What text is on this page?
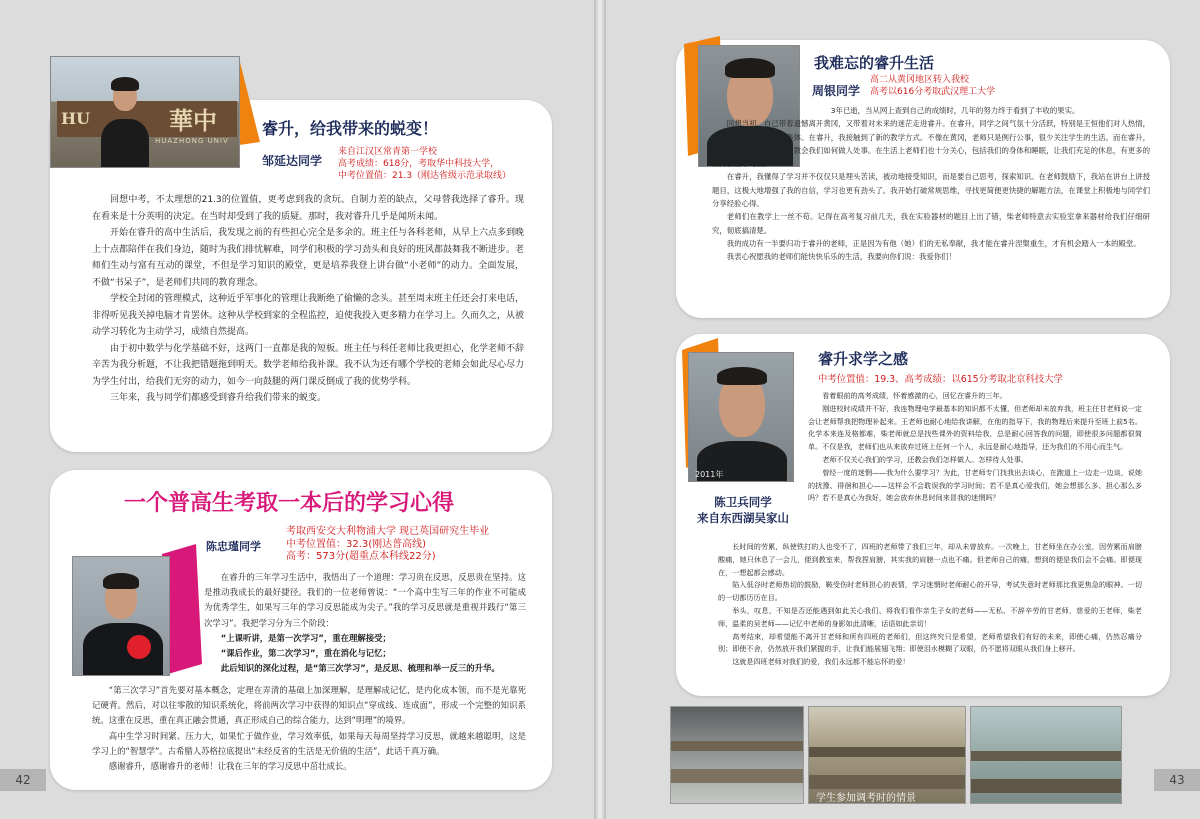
華中
HUAZHONG UNIV
HU
睿升，给我带来的蜕变！
邹延达同学
来自江汉区常青第一学校
高考成绩：618分，考取华中科技大学，
中考位置值：21.3（刚达省级示范录取线）

回想中考，不太理想的21.3的位置值，更考虑到我的贪玩、自制力差的缺点，父母替我选择了睿升。现在看来是十分英明的决定。在当时却受到了我的质疑。那时，我对睿升几乎是闻所未闻。

开始在睿升的高中生活后，我发现之前的有些担心完全是多余的。班主任与各科老师，从早上六点多到晚上十点都陪伴在我们身边，随时为我们排忧解难，同学们积极的学习劲头和良好的班风都鼓舞我不断进步。老师们生动与富有互动的课堂，不但是学习知识的殿堂，更是培养我登上讲台做“小老师”的动力。全面发展，不做“书呆子”，是老师们共同的教育理念。

学校全封闭的管理模式，这种近乎军事化的管理让我断绝了偷懒的念头。甚至周末班主任还会打来电话，非得听见我关掉电脑才肯罢休。这种从学校到家的全程监控，迫使我投入更多精力在学习上。久而久之，从被动学习转化为主动学习，成绩自然提高。

由于初中数学与化学基础不好，这两门一直都是我的短板。班主任与科任老师比我更担心，化学老师不辞辛苦为我分析题，不让我把错题拖到明天。数学老师给我补课。我不认为还有哪个学校的老师会如此尽心尽力为学生付出，给我们无穷的动力，如今一向鼓腿的两门课反倒成了我的优势学科。

三年来，我与同学们都感受到睿升给我们带来的蜕变。

一个普高生考取一本后的学习心得
陈忠瑾同学
考取西安交大利物浦大学 现已英国研究生毕业
中考位置值：32.3(刚达普高线)
高考：573分(超重点本科线22分)

在睿升的三年学习生活中，我悟出了一个道理：学习贵在反思，反思贵在坚持。这是推动我成长的最好捷径。我们的一位老师曾说：“一个高中生写三年的作业不可能成为优秀学生，如果写三年的学习反思能成为尖子。”我的学习反思就是重视并践行“第三次学习”。我把学习分为三个阶段：

“上课听讲，是第一次学习”，重在理解接受；

“课后作业，第二次学习”，重在消化与记忆；

此后知识的深化过程，是“第三次学习”，是反思、梳理和举一反三的升华。

“第三次学习”首先要对基本概念，定理在弄清的基础上加深理解，是理解成记忆，是内化成本领，而不是光靠死记硬背。然后，对以往零散的知识系统化，将前两次学习中获得的知识点“穿成线、连成面”，形成一个完整的知识系统。这重在反思，重在真正融会贯通，真正形成自己的综合能力，达到“明理”的境界。

高中生学习时间紧、压力大，如果忙于做作业，学习效率低，如果每天每周坚持学习反思，就越来越聪明，这是学习上的“智慧学”。古希腊人苏格拉底提出“未经反省的生活是无价值的生活”，此话千真万确。

感谢睿升，感谢睿升的老师！让我在三年的学习反思中茁壮成长。

42
我难忘的睿升生活
周银同学
高二从黄冈地区转入我校
高考以616分考取武汉理工大学

3年已逝，当从网上查到自己的成绩时，几年的努力终于看到了丰收的果实。

回想当初，自己带着遗憾离开黄冈，又带着对未来的迷茫走进睿升。在睿升，同学之间气氛十分活跃，特别是王恒他们对人热情，一下子就让我融入了新集体。在睿升，我接触到了新的教学方式。不像在黄冈，老师只是例行公事，很少关注学生的生活。而在睿升，老师们不仅传授知识，还教会我们如何做人处事。在生活上老师们也十分关心，包括我们的身体和睡眠，让我们充足的休息，有更多的精力放在学习上。

在睿升，我懂得了学习并不仅仅只是埋头苦读，被动地接受知识，而是要自己思考，探索知识。在老师鼓励下，我站在讲台上讲授题目，这极大地增强了我的自信，学习也更有劲头了。我开始打破常规思维，寻找更简便更快捷的解题方法，在课堂上积极地与同学们分享经验心得。

老师们在教学上一丝不苟。记得在高考复习前几天，我在实验器材的题目上出了错，柴老师特意去实验室拿来器材给我们仔细研究，彻底搞清楚。

我的成功有一半要归功于睿升的老师，正是因为有他（她）们的无私奉献，我才能在睿升涅槃重生，才有机会踏入一本的殿堂。

我衷心祝愿我的老师们能快快乐乐的生活，我要向你们说：我爱你们！

2011年
陈卫兵同学
来自东西湖吴家山
睿升求学之感
中考位置值：19.3、高考成绩：以615分考取北京科技大学

看着眼前的高考成绩，怀着感激的心，回忆在睿升的三年。

刚进校时成绩并不好，我连物理电学最基本的知识都不太懂，但老师却未放弃我，班主任甘老师说一定会让老师帮我把物理补起来。王老师也耐心地给我讲解，在他的指导下，我的物理后来提升至班上前5名。化学本来连及格都难，柴老师就总是找些课外的资料给我，总是耐心回答我的问题，即使很多问题都很简单。不仅是我，老师们也从来放弃过班上任何一个人，永远是耐心地指导，还为我们的不用心而生气。

老师不仅关心我们的学习，还教会我们怎样做人。怎样待人处事。

曾经一度的迷惘——我为什么要学习？为此，甘老师专门找我出去谈心，在跑道上一边走一边谈，说她的扰豫、徘徊和担心——这样会不会耽误我的学习时间；若不是真心爱我们，她会想那么多、担心那么多吗？若不是真心为我好，她会放弃休息时间来冒我的迷惘吗？

长时间的劳累，纵使铁打的人也受不了，四班的老师带了我们三年，却从未曾放弃。一次晚上，甘老师坐在办公室，因劳累而肩膀酸痛，她只休息了一会儿，便到教室来，帮我捏肩膀，其实我的肩膀一点也不痛。但老师自己的痛，想到的便是我们会不会痛。即便现在，一想起都会感动。

陷入低谷时老师热切的鼓励，鞍受伤时老师担心的表情，学习迷惘时老师耐心的开导，考试失意时老师那比我更焦急的眼神。一切的一切都历历在目。

举头，叹息，不知是否还能遇到如此关心我们、将我们看作亲生子女的老师——无私、不辞辛劳的甘老师，慈爱的王老师，柴老师，温柔的吴老师——记忆中老师的身影如此清晰，话语如此亲切！

高考结束，却希望能不离开甘老师和所有四班的老师们，但这终究只是希望，老师希望我们有好的未来，即使心痛，仍然忍痛分别；即使不舍，仍然放开我们紧握的手，让我们能展翅飞翔；即使泪水模糊了双眼，仍不愿将双眼从我们身上移开。

这就是四班老师对我们的爱，我们永远都不能忘怀的爱！

学生参加调考时的情景
43
